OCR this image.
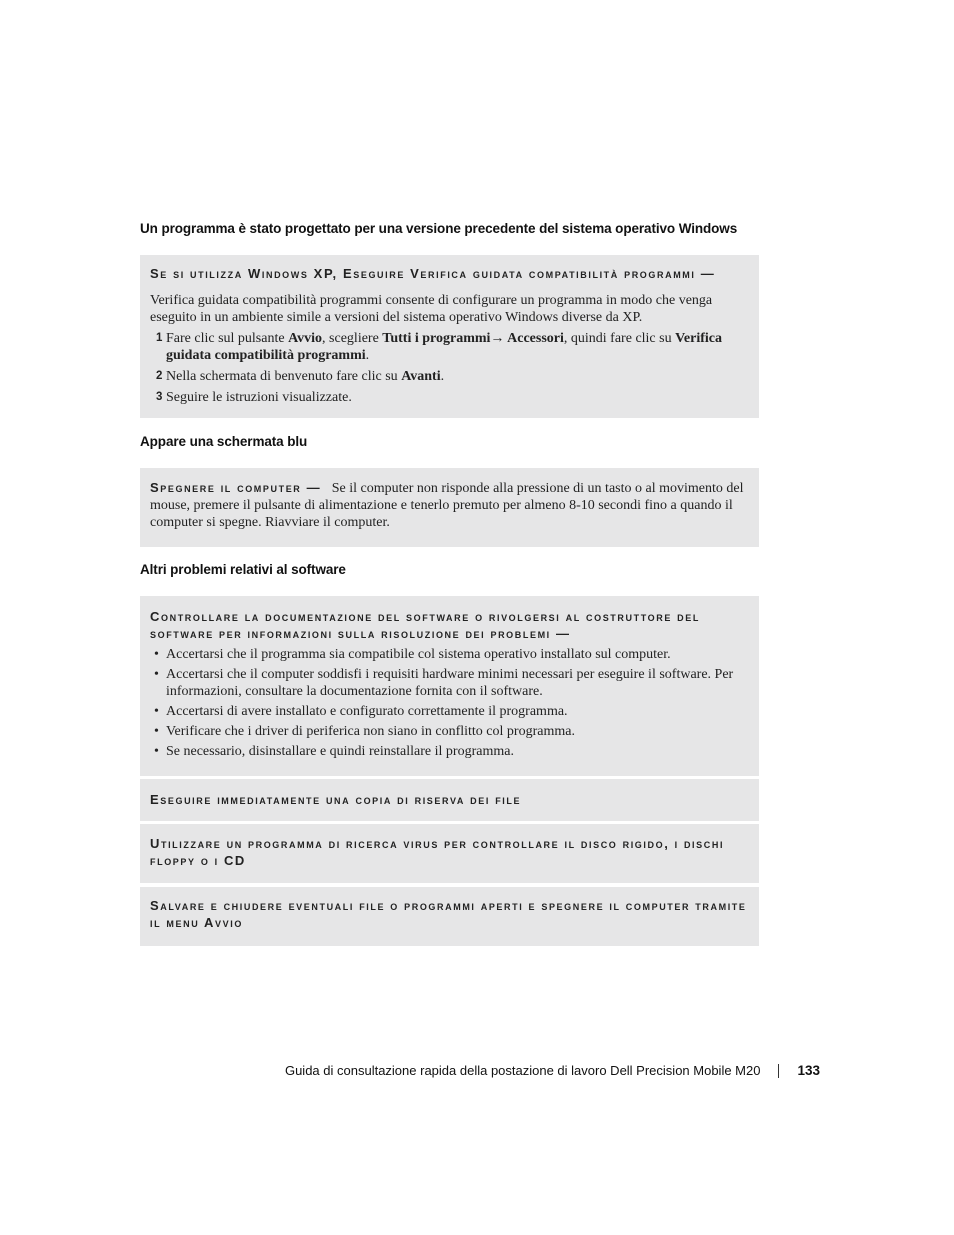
Un programma è stato progettato per una versione precedente del sistema operativo Windows
Se si utilizza Windows XP, Eseguire Verifica guidata compatibilità programmi —
Verifica guidata compatibilità programmi consente di configurare un programma in modo che venga eseguito in un ambiente simile a versioni del sistema operativo Windows diverse da XP.
1 Fare clic sul pulsante Avvio, scegliere Tutti i programmi→ Accessori, quindi fare clic su Verifica guidata compatibilità programmi.
2 Nella schermata di benvenuto fare clic su Avanti.
3 Seguire le istruzioni visualizzate.
Appare una schermata blu
Spegnere il computer — Se il computer non risponde alla pressione di un tasto o al movimento del mouse, premere il pulsante di alimentazione e tenerlo premuto per almeno 8-10 secondi fino a quando il computer si spegne. Riavviare il computer.
Altri problemi relativi al software
Controllare la documentazione del software o rivolgersi al costruttore del software per informazioni sulla risoluzione dei problemi —
• Accertarsi che il programma sia compatibile col sistema operativo installato sul computer.
• Accertarsi che il computer soddisfi i requisiti hardware minimi necessari per eseguire il software. Per informazioni, consultare la documentazione fornita con il software.
• Accertarsi di avere installato e configurato correttamente il programma.
• Verificare che i driver di periferica non siano in conflitto col programma.
• Se necessario, disinstallare e quindi reinstallare il programma.
Eseguire immediatamente una copia di riserva dei file
Utilizzare un programma di ricerca virus per controllare il disco rigido, i dischi floppy o i CD
Salvare e chiudere eventuali file o programmi aperti e spegnere il computer tramite il menu Avvio
Guida di consultazione rapida della postazione di lavoro Dell Precision Mobile M20	133
